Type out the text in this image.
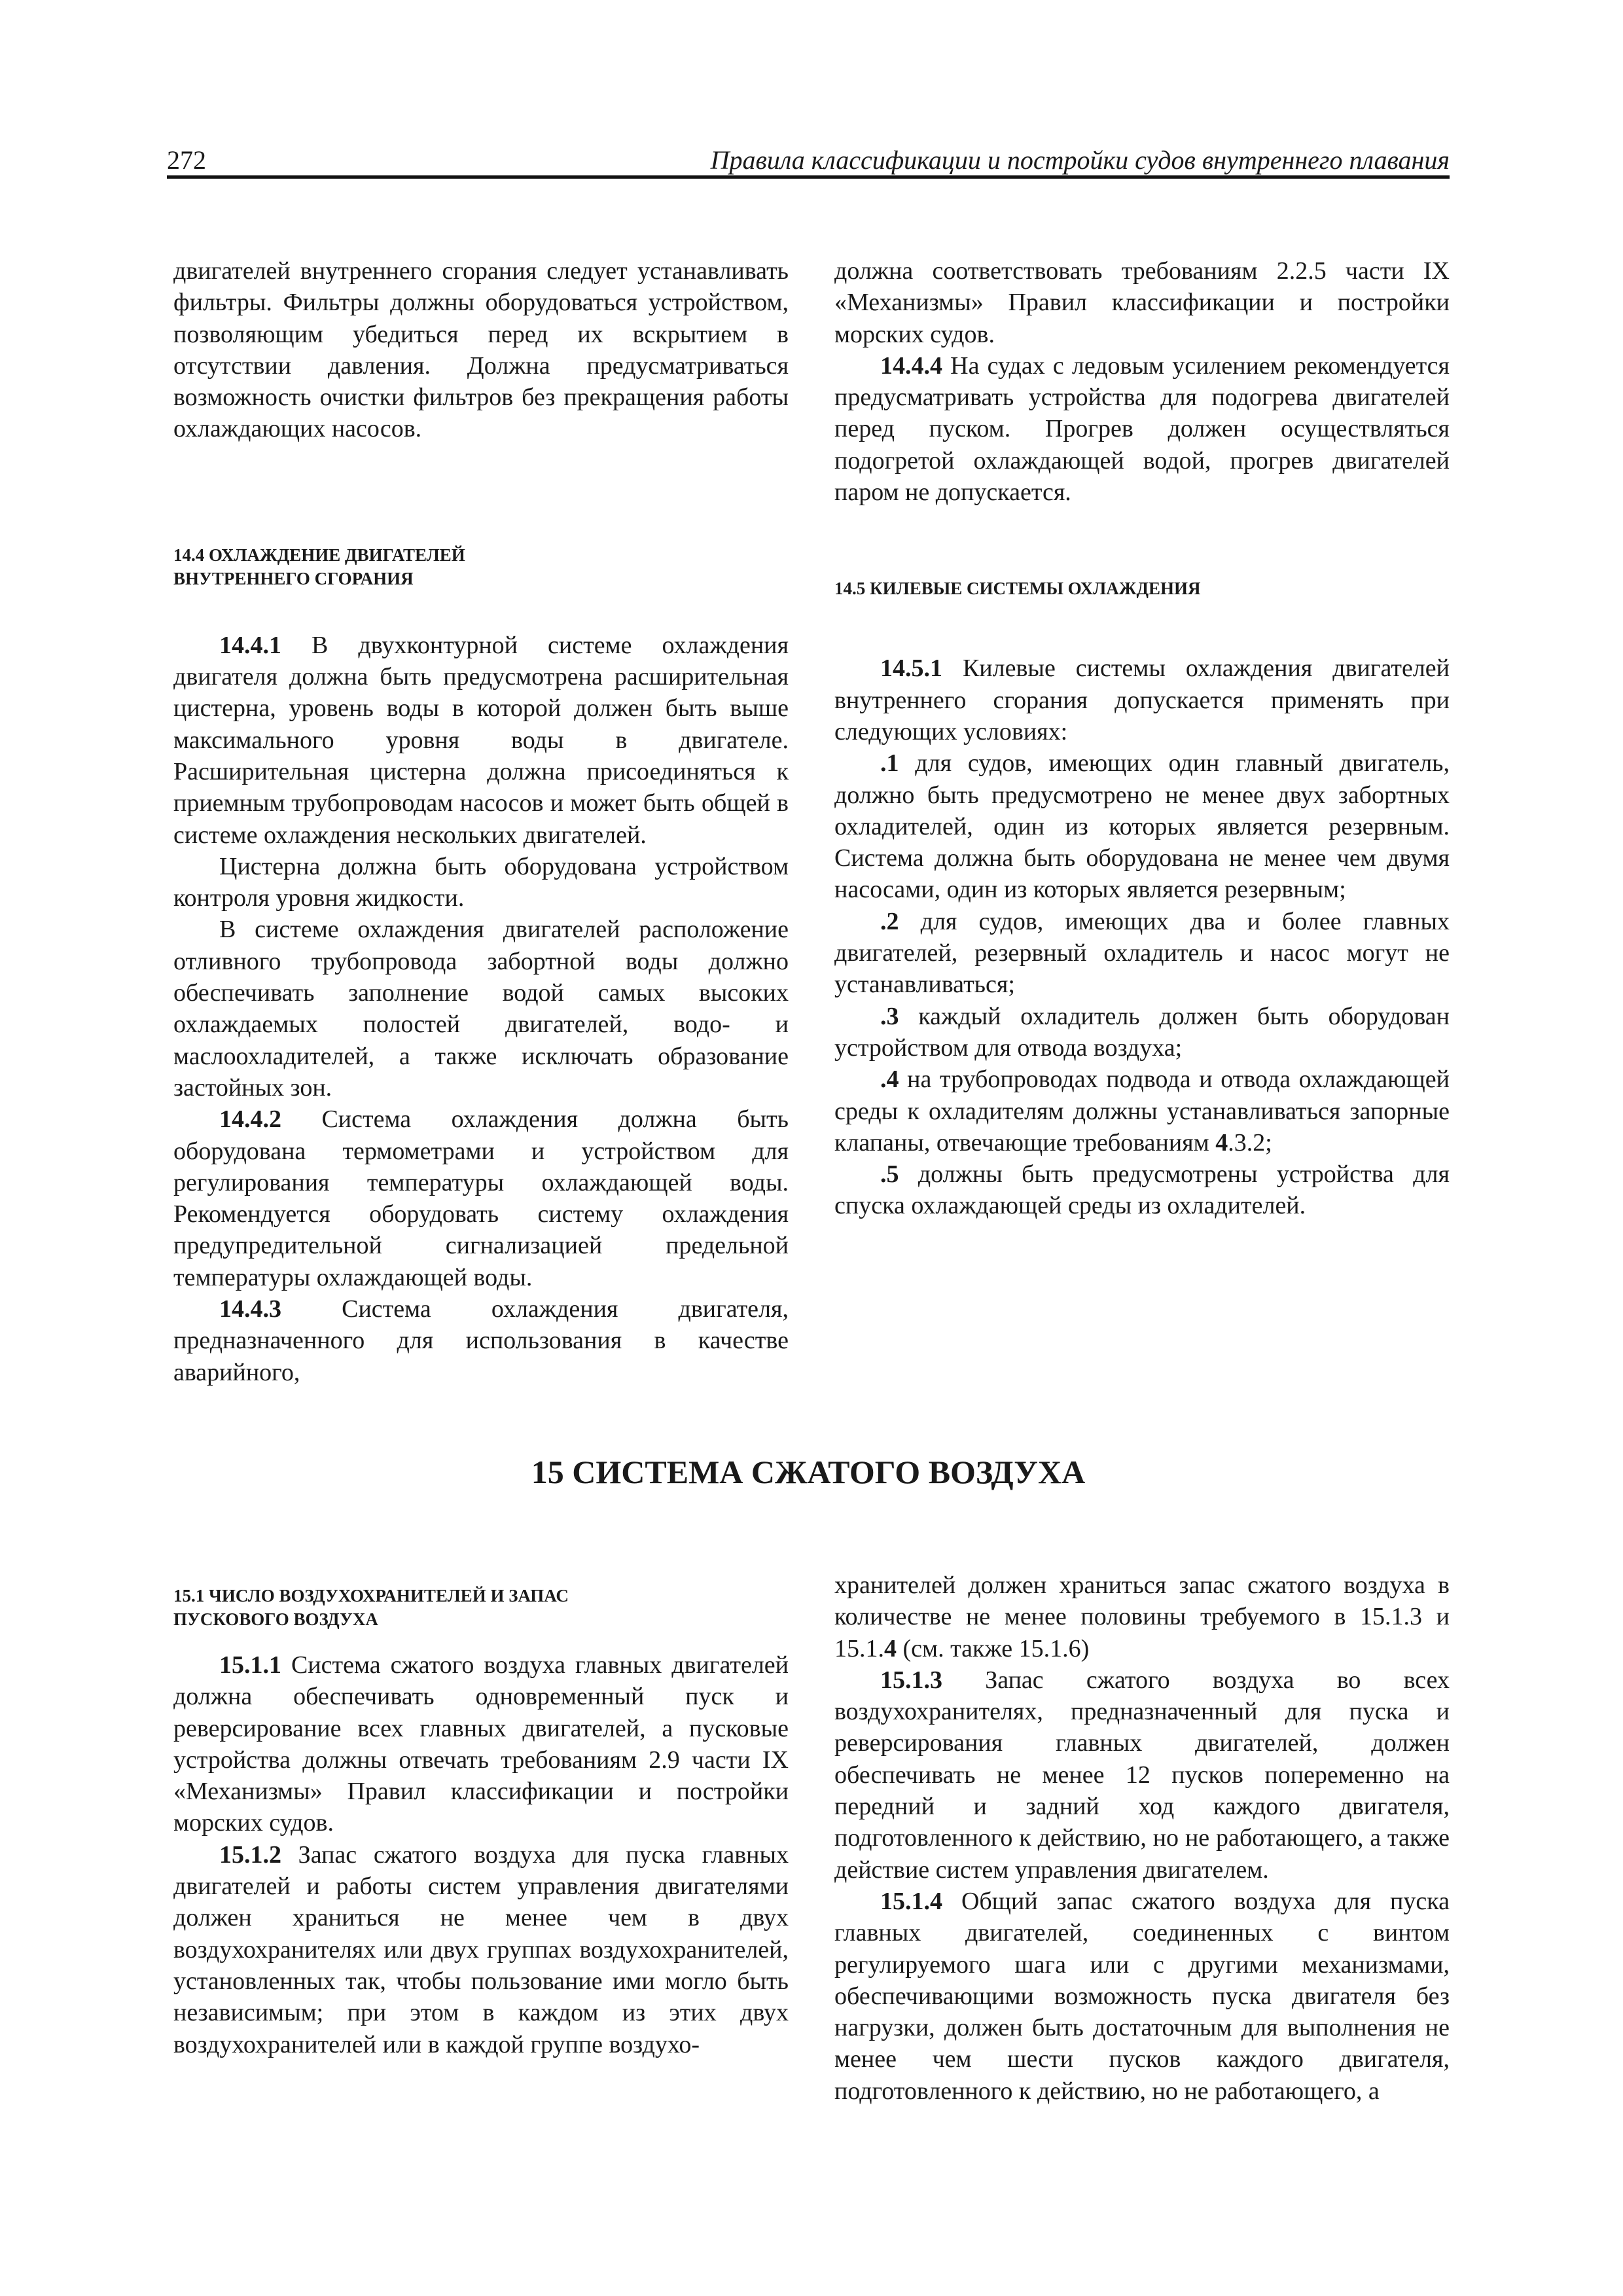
272	Правила классификации и постройки судов внутреннего плавания

двигателей внутреннего сгорания следует устанавливать фильтры. Фильтры должны оборудоваться устройством, позволяющим убедиться перед их вскрытием в отсутствии давления. Должна предусматриваться возможность очистки фильтров без прекращения работы охлаждающих насосов.

14.4 ОХЛАЖДЕНИЕ ДВИГАТЕЛЕЙ

ВНУТРЕННЕГО СГОРАНИЯ

14.4.1 В двухконтурной системе охлаждения двигателя должна быть предусмотрена расширительная цистерна, уровень воды в которой должен быть выше максимального уровня воды в двигателе. Расширительная цистерна должна присоединяться к приемным трубопроводам насосов и может быть общей в системе охлаждения нескольких двигателей.

Цистерна должна быть оборудована устройством контроля уровня жидкости.

В системе охлаждения двигателей расположение отливного трубопровода забортной воды должно обеспечивать заполнение водой самых высоких охлаждаемых полостей двигателей, водо- и маслоохладителей, а также исключать образование застойных зон.

14.4.2 Система охлаждения должна быть оборудована термометрами и устройством для регулирования температуры охлаждающей воды. Рекомендуется оборудовать систему охлаждения предупредительной сигнализацией предельной температуры охлаждающей воды.

14.4.3 Система охлаждения двигателя, предназначенного для использования в качестве аварийного,

должна соответствовать требованиям 2.2.5 части IX «Механизмы» Правил классификации и постройки морских судов.

14.4.4 На судах с ледовым усилением рекомендуется предусматривать устройства для подогрева двигателей перед пуском. Прогрев должен осуществляться подогретой охлаждающей водой, прогрев двигателей паром не допускается.

14.5 КИЛЕВЫЕ СИСТЕМЫ ОХЛАЖДЕНИЯ

14.5.1 Килевые системы охлаждения двигателей внутреннего сгорания допускается применять при следующих условиях:

.1 для судов, имеющих один главный двигатель, должно быть предусмотрено не менее двух забортных охладителей, один из которых является резервным. Система должна быть оборудована не менее чем двумя насосами, один из которых является резервным;

.2 для судов, имеющих два и более главных двигателей, резервный охладитель и насос могут не устанавливаться;

.3 каждый охладитель должен быть оборудован устройством для отвода воздуха;

.4 на трубопроводах подвода и отвода охлаждающей среды к охладителям должны устанавливаться запорные клапаны, отвечающие требованиям 4.3.2;

.5 должны быть предусмотрены устройства для спуска охлаждающей среды из охладителей.

15 СИСТЕМА СЖАТОГО ВОЗДУХА

15.1 ЧИСЛО ВОЗДУХОХРАНИТЕЛЕЙ И ЗАПАС

ПУСКОВОГО ВОЗДУХА

15.1.1 Система сжатого воздуха главных двигателей должна обеспечивать одновременный пуск и реверсирование всех главных двигателей, а пусковые устройства должны отвечать требованиям 2.9 части IX «Механизмы» Правил классификации и постройки морских судов.

15.1.2 Запас сжатого воздуха для пуска главных двигателей и работы систем управления двигателями должен храниться не менее чем в двух воздухохранителях или двух группах воздухохранителей, установленных так, чтобы пользование ими могло быть независимым; при этом в каждом из этих двух воздухохранителей или в каждой группе воздухо-

хранителей должен храниться запас сжатого воздуха в количестве не менее половины требуемого в 15.1.3 и 15.1.4 (см. также 15.1.6)

15.1.3 Запас сжатого воздуха во всех воздухохранителях, предназначенный для пуска и реверсирования главных двигателей, должен обеспечивать не менее 12 пусков попеременно на передний и задний ход каждого двигателя, подготовленного к действию, но не работающего, а также действие систем управления двигателем.

15.1.4 Общий запас сжатого воздуха для пуска главных двигателей, соединенных с винтом регулируемого шага или с другими механизмами, обеспечивающими возможность пуска двигателя без нагрузки, должен быть достаточным для выполнения не менее чем шести пусков каждого двигателя, подготовленного к действию, но не работающего, а
